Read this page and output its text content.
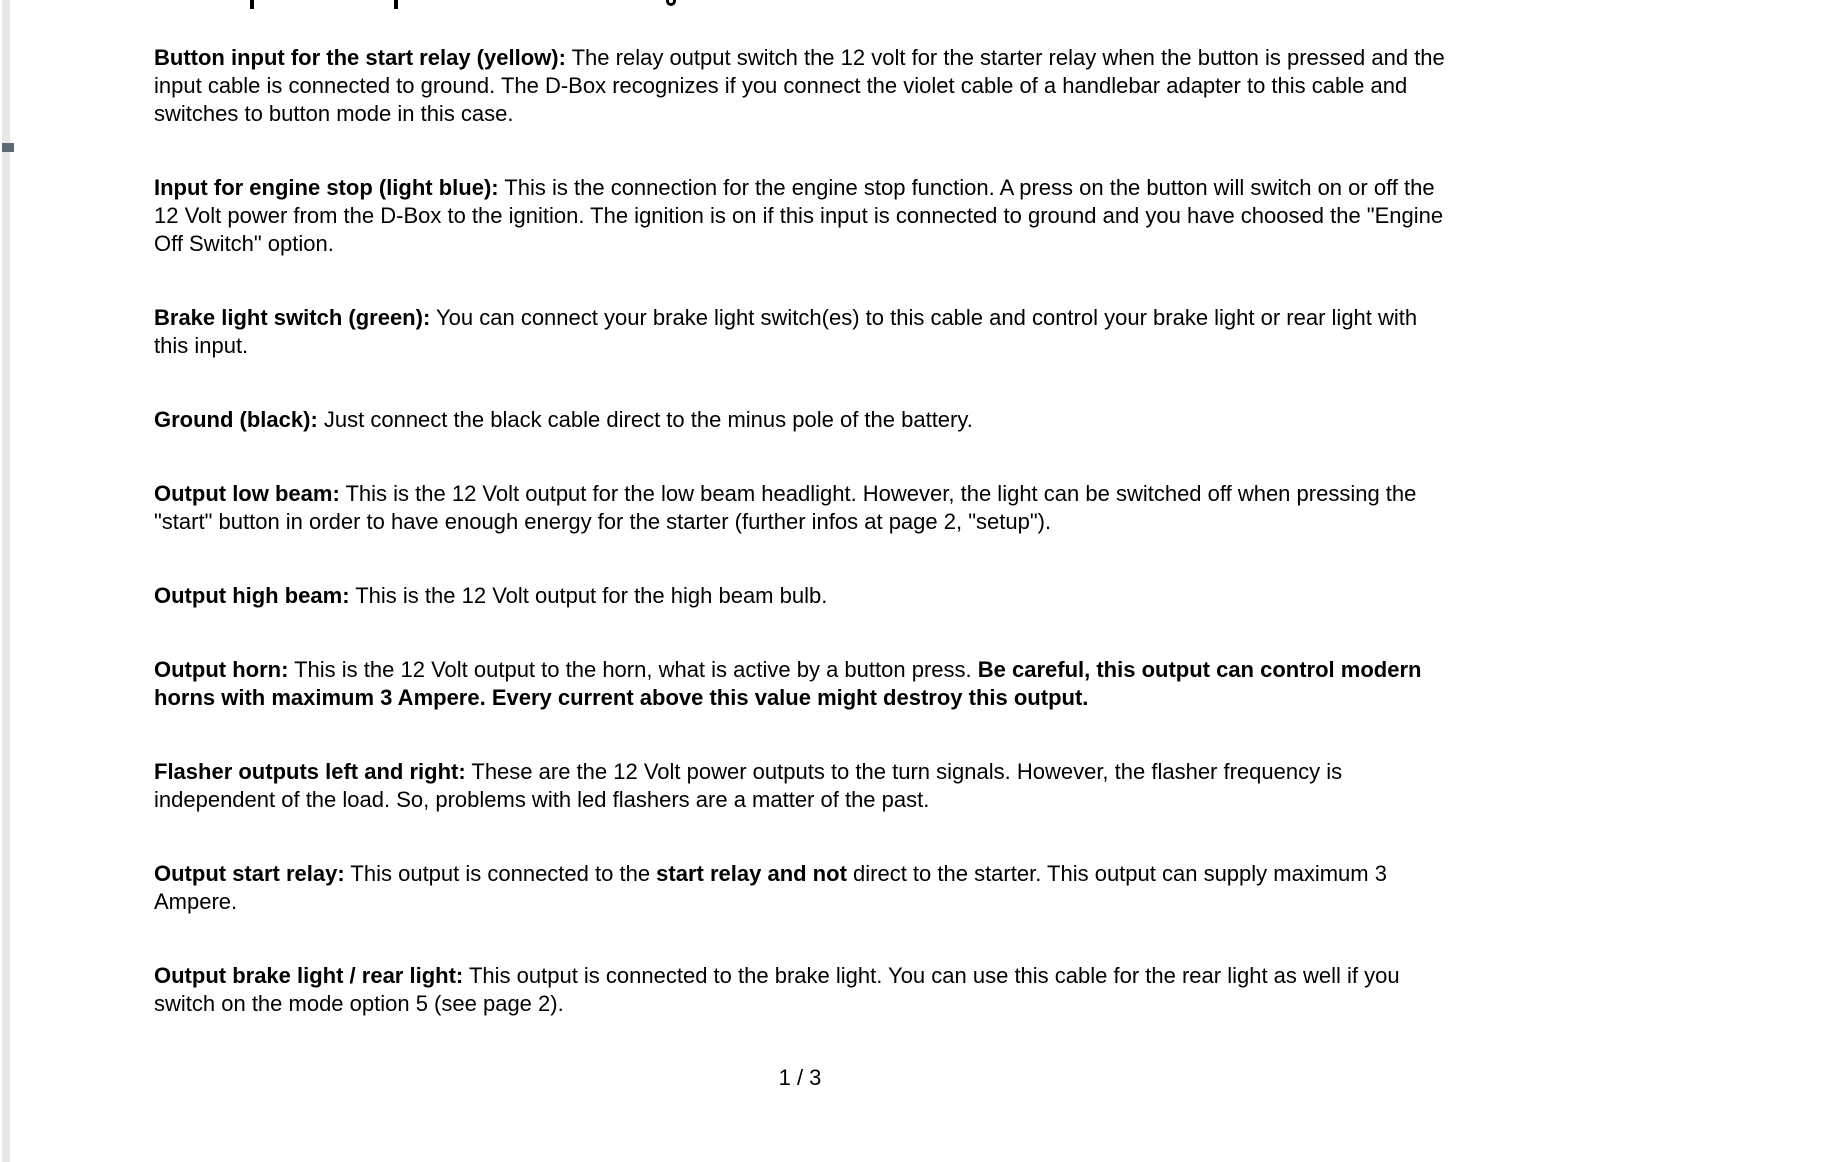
Button input for the start relay (yellow): The relay output switch the 12 volt for the starter relay when the button is pressed and the input cable is connected to ground. The D-Box recognizes if you connect the violet cable of a handlebar adapter to this cable and switches to button mode in this case.

Input for engine stop (light blue): This is the connection for the engine stop function. A press on the button will switch on or off the 12 Volt power from the D-Box to the ignition. The ignition is on if this input is connected to ground and you have choosed the "Engine Off Switch" option.

Brake light switch (green): You can connect your brake light switch(es) to this cable and control your brake light or rear light with this input.

Ground (black): Just connect the black cable direct to the minus pole of the battery.

Output low beam: This is the 12 Volt output for the low beam headlight. However, the light can be switched off when pressing the "start" button in order to have enough energy for the starter (further infos at page 2, "setup").

Output high beam: This is the 12 Volt output for the high beam bulb.

Output horn: This is the 12 Volt output to the horn, what is active by a button press. Be careful, this output can control modern horns with maximum 3 Ampere. Every current above this value might destroy this output.

Flasher outputs left and right: These are the 12 Volt power outputs to the turn signals. However, the flasher frequency is independent of the load. So, problems with led flashers are a matter of the past.

Output start relay: This output is connected to the start relay and not direct to the starter. This output can supply maximum 3 Ampere.

Output brake light / rear light: This output is connected to the brake light. You can use this cable for the rear light as well if you switch on the mode option 5 (see page 2).

1 / 3
